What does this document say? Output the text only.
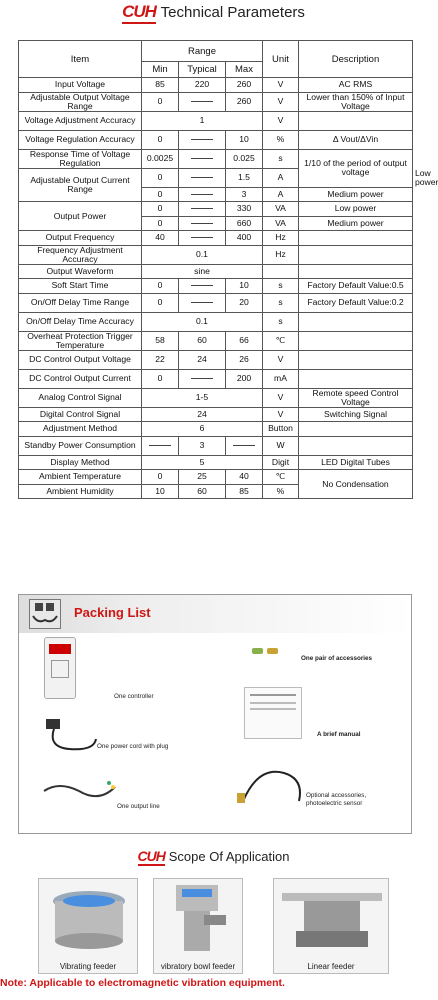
CUH Technical Parameters
Item	Range			Unit	Description	
	Min	Typical	Max			
Input Voltage	85	220	260	V	AC RMS	
Adjustable Output Voltage Range	0		260	V	Lower than 150% of Input Voltage	
Voltage Adjustment Accuracy	1			V		
Voltage Regulation Accuracy	0		10	%	Δ Vout/ΔVin	
Response Time of Voltage Regulation	0.0025		0.025	s	1/10 of the period of output voltage	
Adjustable Output Current Range	0		1.5	A		Low power
	0		3	A	Medium power	
Output Power	0		330	VA	Low power	
	0		660	VA	Medium power	
Output Frequency	40		400	Hz		
Frequency Adjustment Accuracy	0.1			Hz		
Output Waveform	sine					
Soft Start Time	0		10	s	Factory Default Value:0.5	
On/Off Delay Time Range	0		20	s	Factory Default Value:0.2	
On/Off Delay Time Accuracy	0.1			s		
Overheat Protection Trigger Temperature	58	60	66	℃		
DC Control Output Voltage	22	24	26	V		
DC Control Output Current	0		200	mA		
Analog Control Signal	1-5			V	Remote speed Control Voltage	
Digital Control Signal	24			V	Switching Signal	
Adjustment Method	6			Button		
Standby Power Consumption		3		W		
Display Method	5			Digit	LED Digital Tubes	
Ambient Temperature	0	25	40	℃	No Condensation	
Ambient Humidity	10	60	85	%		
Packing List
One controller
One pair of accessories
One power cord with plug
A brief manual
One output line
Optional accessories, photoelectric sensor
CUH Scope Of Application
Vibrating feeder	vibratory bowl feeder	Linear feeder
Note: Applicable to electromagnetic vibration equipment.
